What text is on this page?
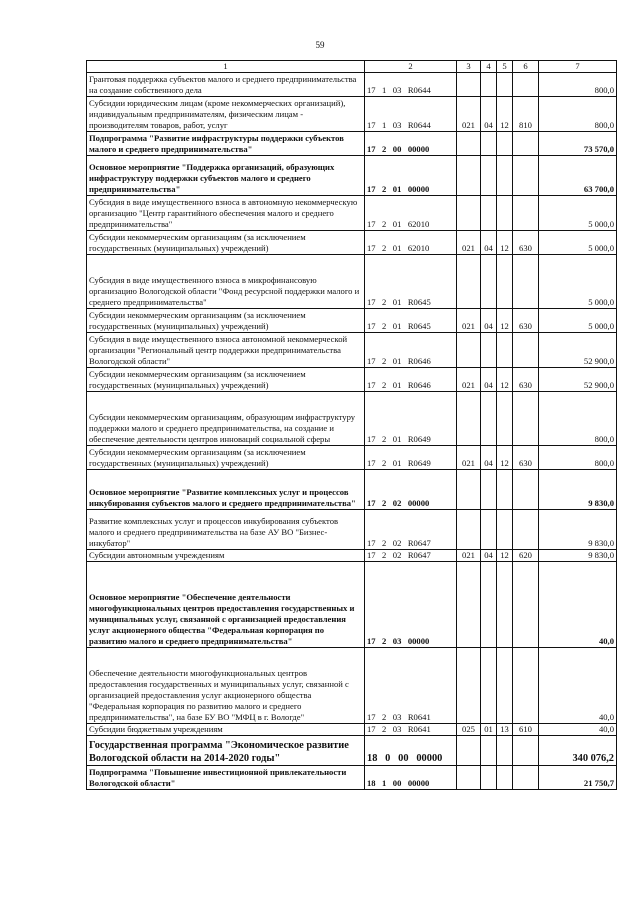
59
1	2	3	4	5	6	7
Грантовая поддержка субъектов малого и среднего предпринимательства на создание собственного дела	17   1   03   R0644					800,0
Субсидии юридическим лицам (кроме некоммерческих организаций), индивидуальным предпринимателям, физическим лицам - производителям товаров, работ, услуг	17   1   03   R0644	021	04	12	810	800,0
Подпрограмма "Развитие инфраструктуры поддержки субъектов малого и среднего предпринимательства"	17   2   00   00000					73 570,0
Основное мероприятие "Поддержка организаций, образующих инфраструктуру поддержки субъектов малого и среднего предпринимательства"	17   2   01   00000					63 700,0
Субсидия в виде имущественного взноса в автономную некоммерческую организацию "Центр гарантийного обеспечения малого и среднего предпринимательства"	17   2   01   62010					5 000,0
Субсидии некоммерческим организациям (за исключением государственных (муниципальных) учреждений)	17   2   01   62010	021	04	12	630	5 000,0
Субсидия в виде имущественного взноса в микрофинансовую организацию Вологодской области "Фонд ресурсной поддержки малого и среднего предпринимательства"	17   2   01   R0645					5 000,0
Субсидии некоммерческим организациям (за исключением государственных (муниципальных) учреждений)	17   2   01   R0645	021	04	12	630	5 000,0
Субсидия в виде имущественного взноса автономной некоммерческой организации "Региональный центр поддержки предпринимательства Вологодской области"	17   2   01   R0646					52 900,0
Субсидии некоммерческим организациям (за исключением государственных (муниципальных) учреждений)	17   2   01   R0646	021	04	12	630	52 900,0
Субсидии некоммерческим организациям, образующим инфраструктуру поддержки малого и среднего предпринимательства, на создание и обеспечение деятельности центров инноваций социальной сферы	17   2   01   R0649					800,0
Субсидии некоммерческим организациям (за исключением государственных (муниципальных) учреждений)	17   2   01   R0649	021	04	12	630	800,0
Основное мероприятие "Развитие комплексных услуг и процессов инкубирования субъектов малого и среднего предпринимательства"	17   2   02   00000					9 830,0
Развитие комплексных услуг и процессов инкубирования субъектов малого и среднего предпринимательства на базе АУ ВО "Бизнес-инкубатор"	17   2   02   R0647					9 830,0
Субсидии автономным учреждениям	17   2   02   R0647	021	04	12	620	9 830,0
Основное мероприятие "Обеспечение деятельности многофункциональных центров предоставления государственных и муниципальных услуг, связанной с организацией предоставления услуг акционерного общества "Федеральная корпорация по развитию малого и среднего предпринимательства"	17   2   03   00000					40,0
Обеспечение деятельности многофункциональных центров предоставления государственных и муниципальных услуг, связанной с организацией предоставления услуг акционерного общества "Федеральная корпорация по развитию малого и среднего предпринимательства", на базе БУ ВО "МФЦ в г. Вологде"	17   2   03   R0641					40,0
Субсидии бюджетным учреждениям	17   2   03   R0641	025	01	13	610	40,0
Государственная программа "Экономическое развитие Вологодской области на 2014-2020 годы"	18   0   00   00000					340 076,2
Подпрограмма "Повышение инвестиционной привлекательности Вологодской области"	18   1   00   00000					21 750,7
